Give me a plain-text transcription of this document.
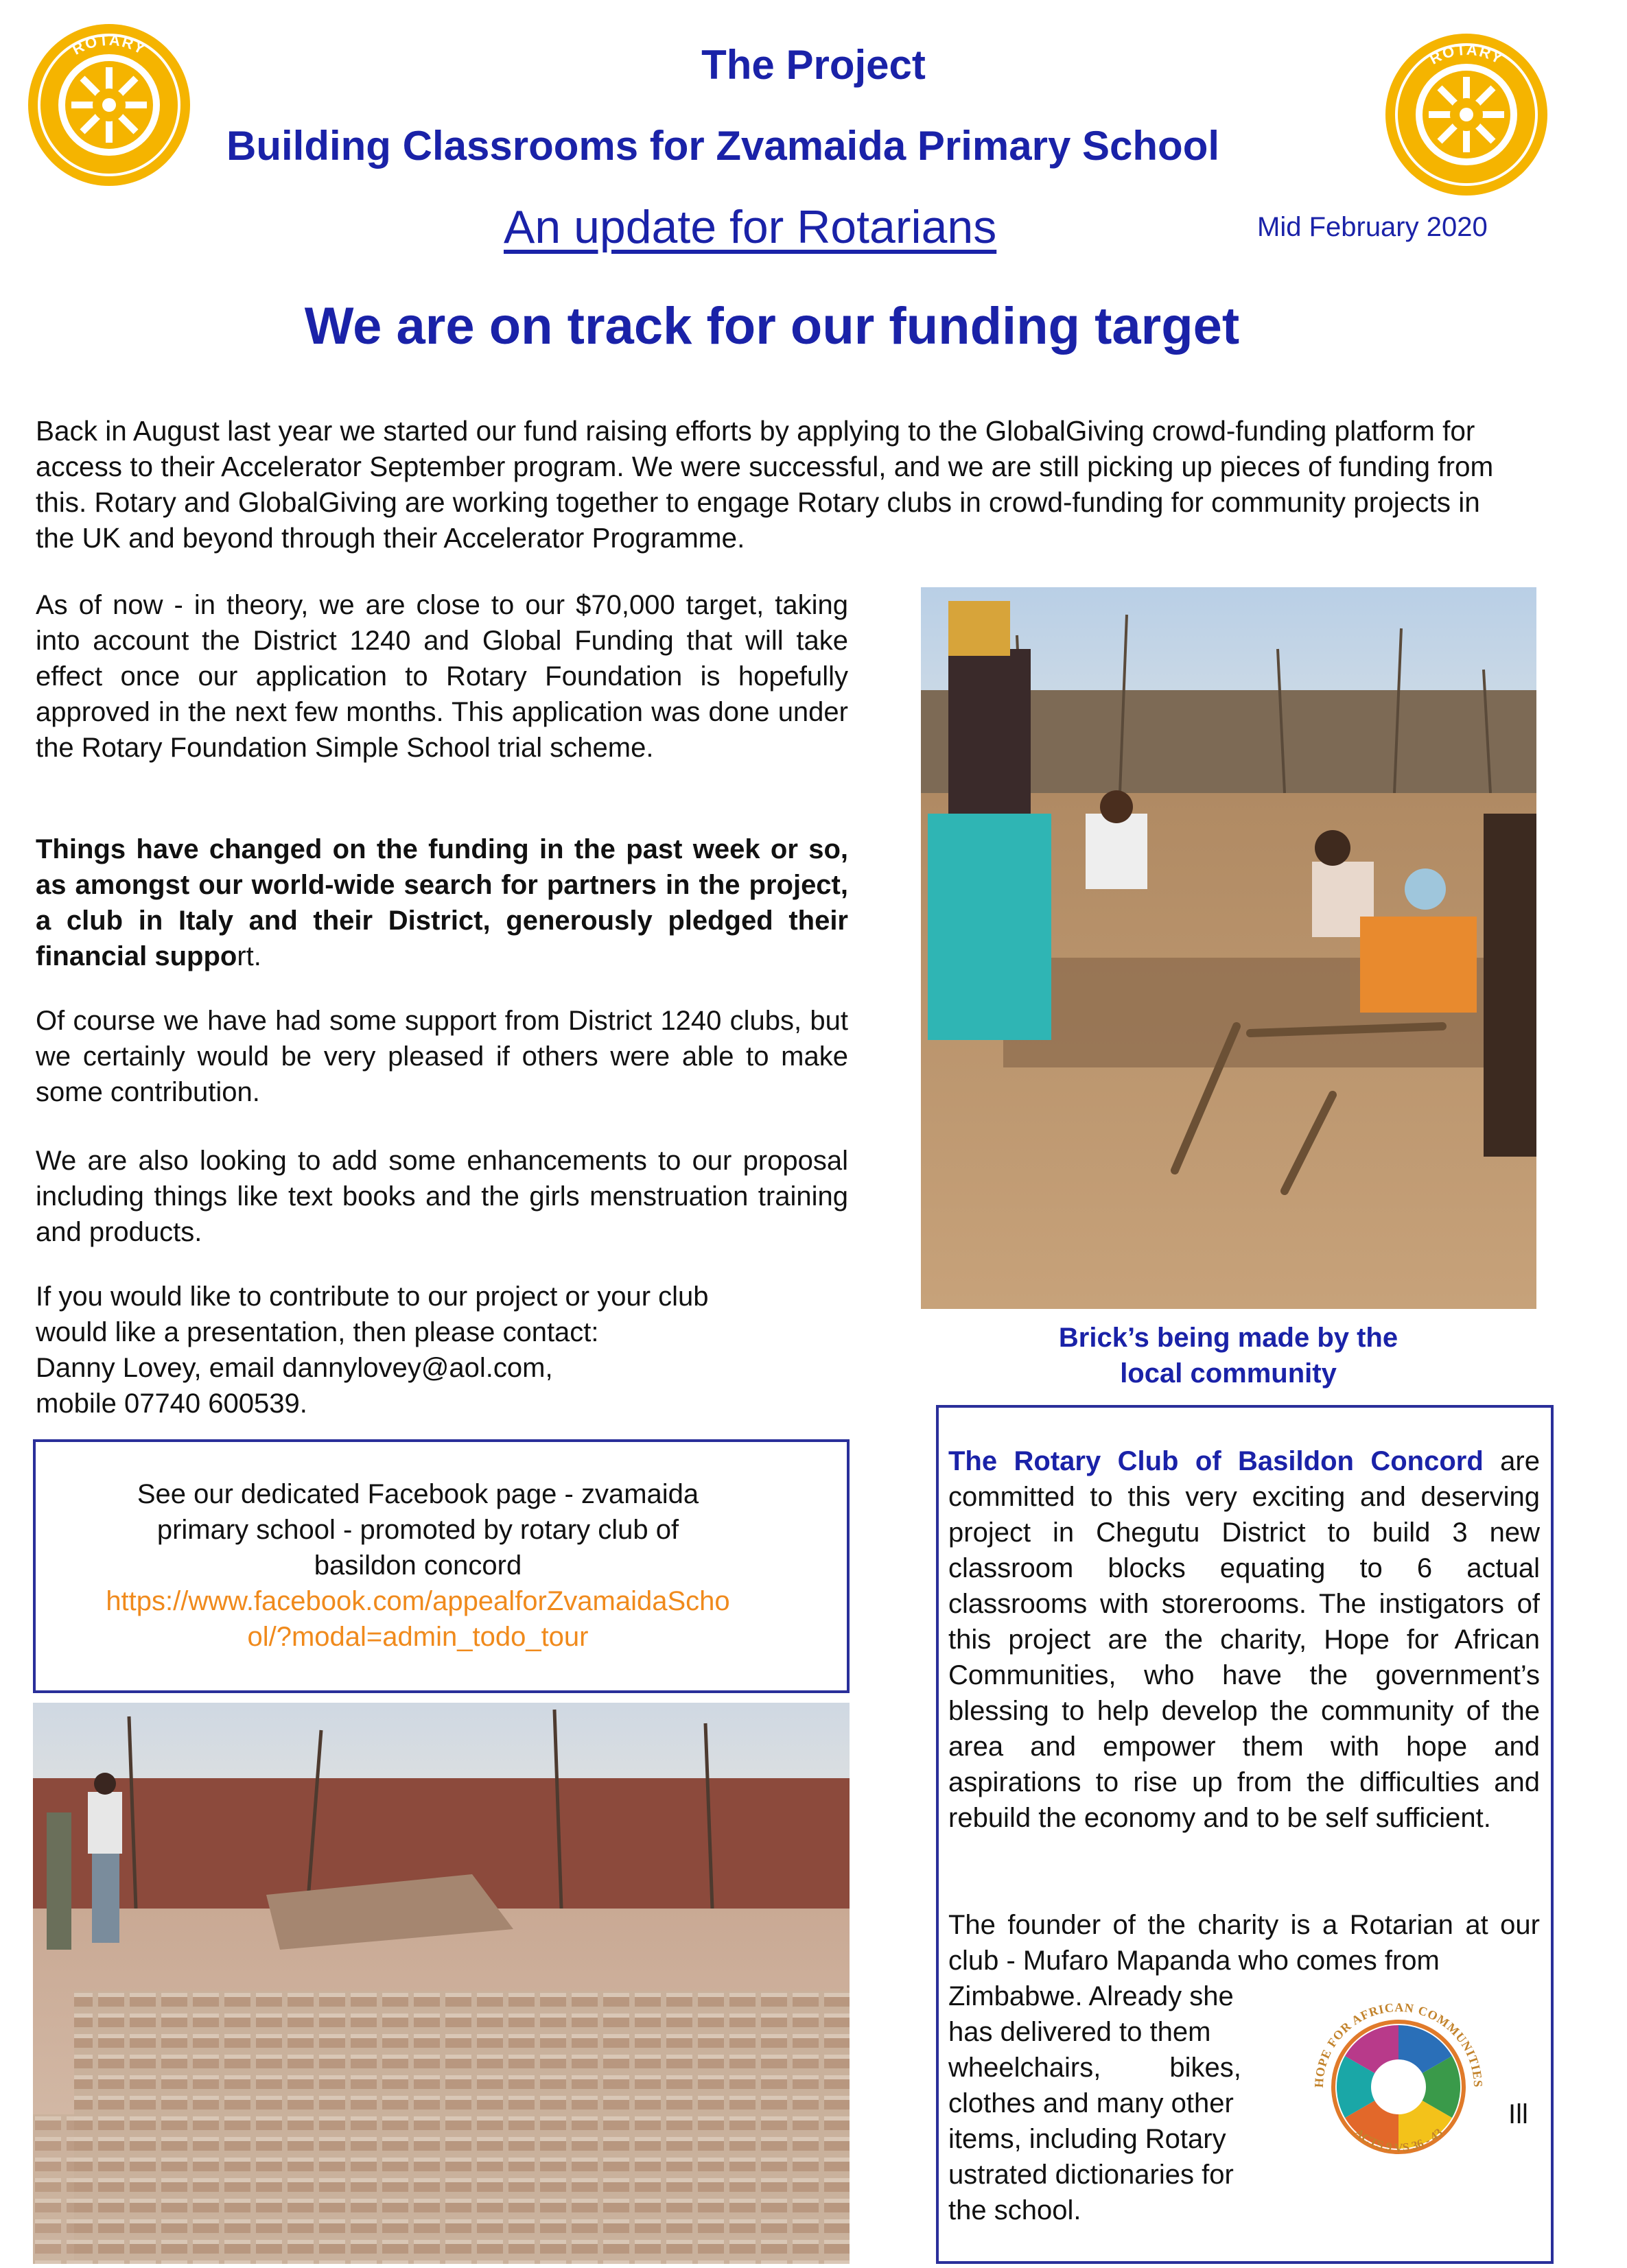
ROTARY	ROTARY
The Project
Building Classrooms for Zvamaida Primary School
An update for Rotarians	Mid February 2020
We are on track for our funding target

Back in August last year we started our fund raising efforts by applying to the GlobalGiving crowd-funding platform for access to their Accelerator September program. We were successful, and we are still picking up pieces of funding from this. Rotary and GlobalGiving are working together to engage Rotary clubs in crowd-funding for community projects in the UK and beyond through their Accelerator Programme.

As of now - in theory, we are close to our $70,000 target, taking into account the District 1240 and Global Funding that will take effect once our application to Rotary Foundation is hopefully approved in the next few months. This application was done under the Rotary Foundation Simple School trial scheme.

Things have changed on the funding in the past week or so, as amongst our world-wide search for partners in the project, a club in Italy and their District, generously pledged their financial support.

Of course we have had some support from District 1240 clubs, but we certainly would be very pleased if others were able to make some contribution.

We are also looking to add some enhancements to our proposal including things like text books and the girls menstruation training and products.

If you would like to contribute to our project or your club
would like a presentation, then please contact:
Danny Lovey, email dannylovey@aol.com,
mobile 07740 600539.
Brick’s being made by the
local community
See our dedicated Facebook page - zvamaida
primary school - promoted by rotary club of
basildon concord
https://www.facebook.com/appealforZvamaidaScho
ol/?modal=admin_todo_tour

The Rotary Club of Basildon Concord are committed to this very exciting and deserving project in Chegutu District to build 3 new classroom blocks equating to 6 actual classrooms with storerooms. The instigators of this project are the charity, Hope for African Communities, who have the government’s blessing to help develop the community of the area and empower them with hope and aspirations to rise up from the difficulties and rebuild the economy and to be self sufficient.

The founder of the charity is a Rotarian at our club - Mufaro Mapanda who comes from

Zimbabwe. Already she
has delivered to them
wheelchairs,         bikes,
clothes and many other
items, including Rotary
ustrated dictionaries for
the school.
HOPE FOR AFRICAN COMMUNITIES
ACTS 9 VS 36 - 43
Ill
